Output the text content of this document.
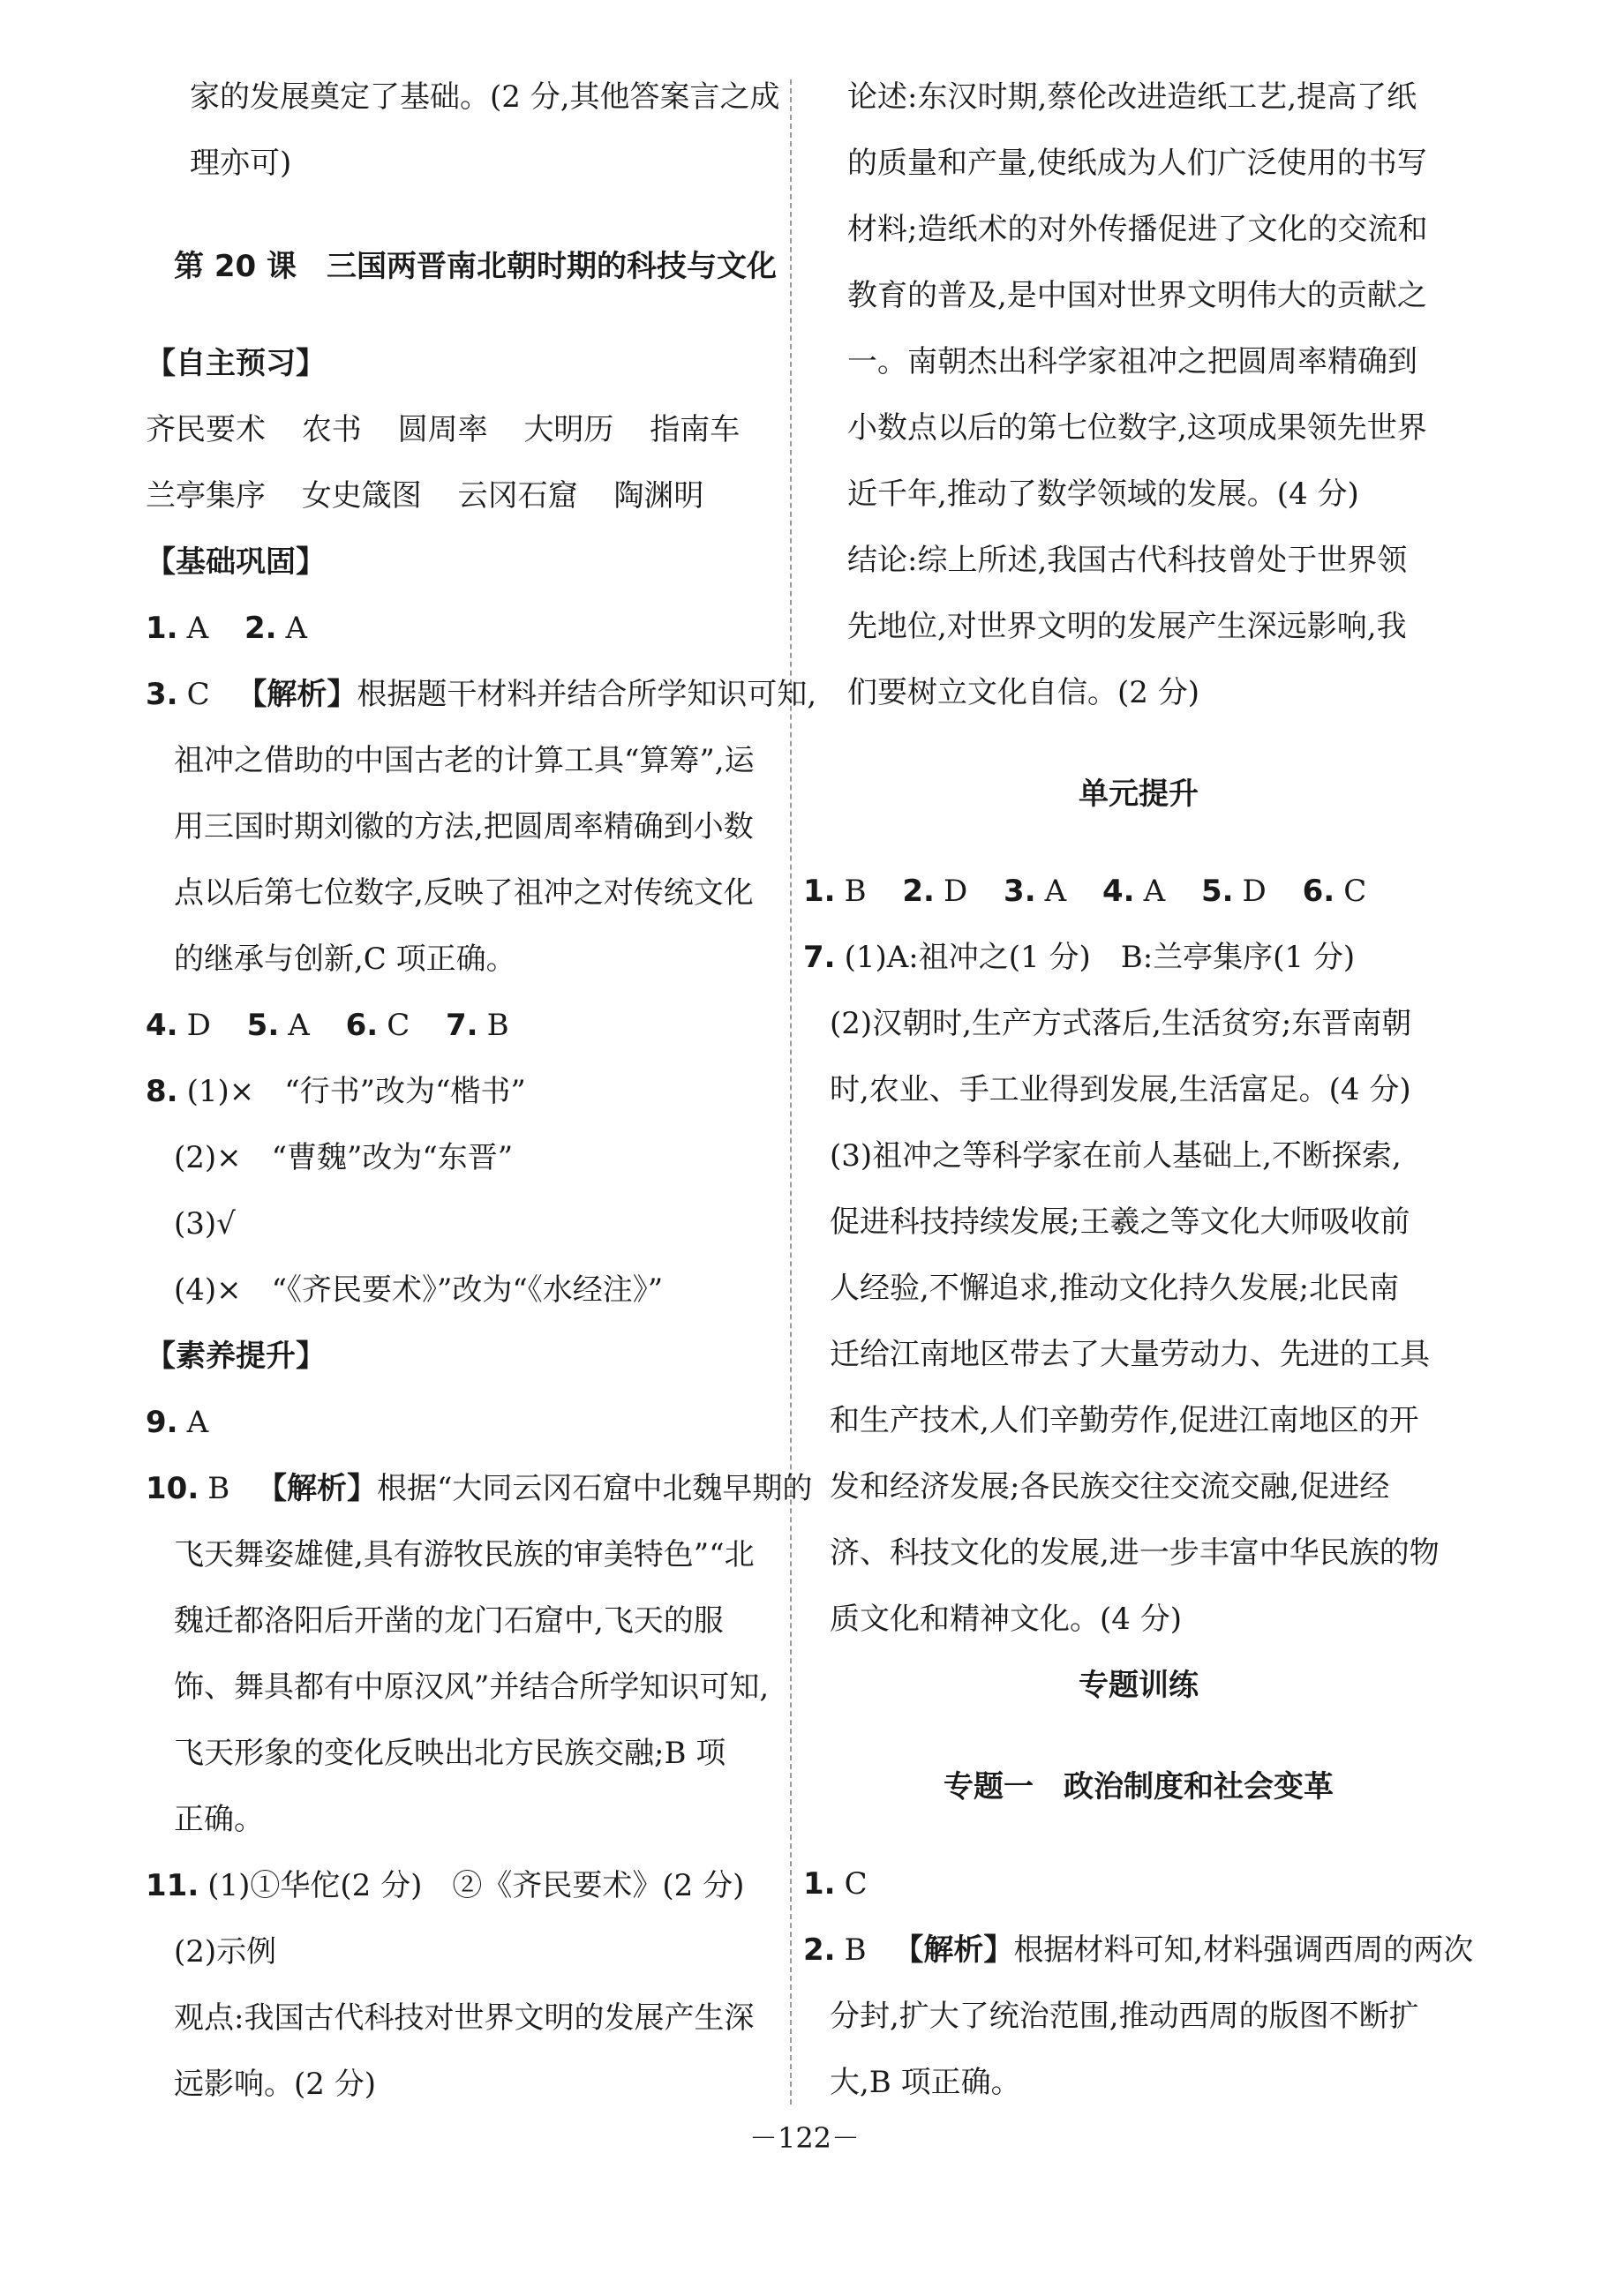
家的发展奠定了基础。(2 分,其他答案言之成
理亦可)
第 20 课　三国两晋南北朝时期的科技与文化
【自主预习】
齐民要术 农书 圆周率 大明历 指南车
兰亭集序 女史箴图 云冈石窟 陶渊明
【基础巩固】
1. A 2. A
3. C 【解析】根据题干材料并结合所学知识可知,
祖冲之借助的中国古老的计算工具“算筹”,运
用三国时期刘徽的方法,把圆周率精确到小数
点以后第七位数字,反映了祖冲之对传统文化
的继承与创新,C 项正确。
4. D 5. A 6. C 7. B
8. (1)×　“行书”改为“楷书”
(2)×　“曹魏”改为“东晋”
(3)√
(4)×　“《齐民要术》”改为“《水经注》”
【素养提升】
9. A
10. B 【解析】根据“大同云冈石窟中北魏早期的
飞天舞姿雄健,具有游牧民族的审美特色”“北
魏迁都洛阳后开凿的龙门石窟中,飞天的服
饰、舞具都有中原汉风”并结合所学知识可知,
飞天形象的变化反映出北方民族交融;B 项
正确。
11. (1)①华佗(2 分)　②《齐民要术》(2 分)
(2)示例
观点:我国古代科技对世界文明的发展产生深
远影响。(2 分)
论述:东汉时期,蔡伦改进造纸工艺,提高了纸
的质量和产量,使纸成为人们广泛使用的书写
材料;造纸术的对外传播促进了文化的交流和
教育的普及,是中国对世界文明伟大的贡献之
一。南朝杰出科学家祖冲之把圆周率精确到
小数点以后的第七位数字,这项成果领先世界
近千年,推动了数学领域的发展。(4 分)
结论:综上所述,我国古代科技曾处于世界领
先地位,对世界文明的发展产生深远影响,我
们要树立文化自信。(2 分)
单元提升
1. B 2. D 3. A 4. A 5. D 6. C
7. (1)A:祖冲之(1 分)　B:兰亭集序(1 分)
(2)汉朝时,生产方式落后,生活贫穷;东晋南朝
时,农业、手工业得到发展,生活富足。(4 分)
(3)祖冲之等科学家在前人基础上,不断探索,
促进科技持续发展;王羲之等文化大师吸收前
人经验,不懈追求,推动文化持久发展;北民南
迁给江南地区带去了大量劳动力、先进的工具
和生产技术,人们辛勤劳作,促进江南地区的开
发和经济发展;各民族交往交流交融,促进经
济、科技文化的发展,进一步丰富中华民族的物
质文化和精神文化。(4 分)
专题训练
专题一　政治制度和社会变革
1. C
2. B 【解析】根据材料可知,材料强调西周的两次
分封,扩大了统治范围,推动西周的版图不断扩
大,B 项正确。
－122－
